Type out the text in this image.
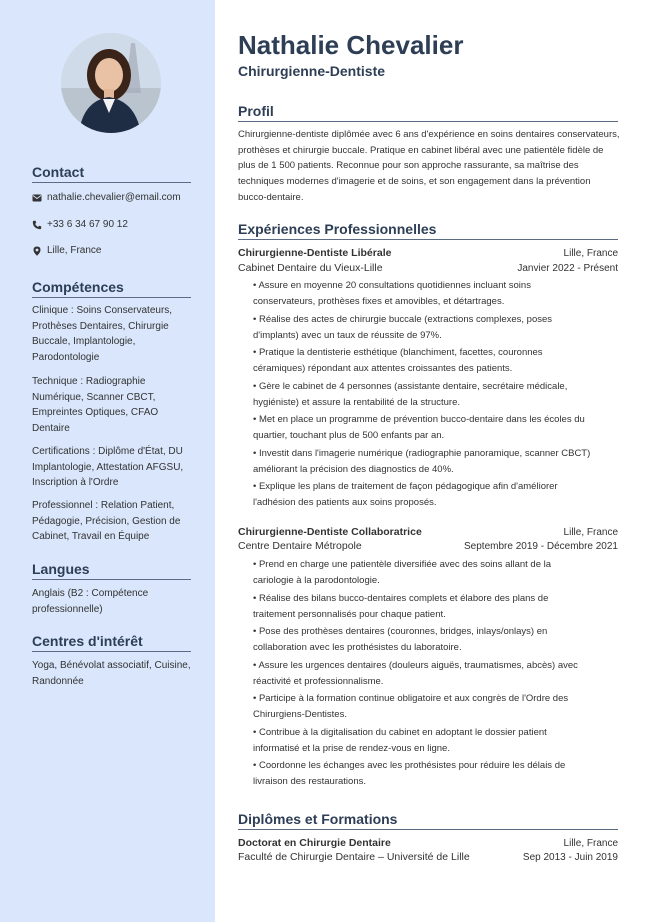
Contact
nathalie.chevalier@email.com
+33 6 34 67 90 12
Lille, France
Compétences
Clinique : Soins Conservateurs, Prothèses Dentaires, Chirurgie Buccale, Implantologie, Parodontologie
Technique : Radiographie Numérique, Scanner CBCT, Empreintes Optiques, CFAO Dentaire
Certifications : Diplôme d'État, DU Implantologie, Attestation AFGSU, Inscription à l'Ordre
Professionnel : Relation Patient, Pédagogie, Précision, Gestion de Cabinet, Travail en Équipe
Langues
Anglais (B2 : Compétence professionnelle)
Centres d'intérêt
Yoga, Bénévolat associatif, Cuisine, Randonnée
Nathalie Chevalier
Chirurgienne-Dentiste
Profil
Chirurgienne-dentiste diplômée avec 6 ans d'expérience en soins dentaires conservateurs, prothèses et chirurgie buccale. Pratique en cabinet libéral avec une patientèle fidèle de plus de 1 500 patients. Reconnue pour son approche rassurante, sa maîtrise des techniques modernes d'imagerie et de soins, et son engagement dans la prévention bucco-dentaire.
Expériences Professionnelles
Chirurgienne-Dentiste Libérale	Lille, France
Cabinet Dentaire du Vieux-Lille	Janvier 2022 - Présent
• Assure en moyenne 20 consultations quotidiennes incluant soins conservateurs, prothèses fixes et amovibles, et détartrages.
• Réalise des actes de chirurgie buccale (extractions complexes, poses d'implants) avec un taux de réussite de 97%.
• Pratique la dentisterie esthétique (blanchiment, facettes, couronnes céramiques) répondant aux attentes croissantes des patients.
• Gère le cabinet de 4 personnes (assistante dentaire, secrétaire médicale, hygiéniste) et assure la rentabilité de la structure.
• Met en place un programme de prévention bucco-dentaire dans les écoles du quartier, touchant plus de 500 enfants par an.
• Investit dans l'imagerie numérique (radiographie panoramique, scanner CBCT) améliorant la précision des diagnostics de 40%.
• Explique les plans de traitement de façon pédagogique afin d'améliorer l'adhésion des patients aux soins proposés.
Chirurgienne-Dentiste Collaboratrice	Lille, France
Centre Dentaire Métropole	Septembre 2019 - Décembre 2021
• Prend en charge une patientèle diversifiée avec des soins allant de la cariologie à la parodontologie.
• Réalise des bilans bucco-dentaires complets et élabore des plans de traitement personnalisés pour chaque patient.
• Pose des prothèses dentaires (couronnes, bridges, inlays/onlays) en collaboration avec les prothésistes du laboratoire.
• Assure les urgences dentaires (douleurs aiguës, traumatismes, abcès) avec réactivité et professionnalisme.
• Participe à la formation continue obligatoire et aux congrès de l'Ordre des Chirurgiens-Dentistes.
• Contribue à la digitalisation du cabinet en adoptant le dossier patient informatisé et la prise de rendez-vous en ligne.
• Coordonne les échanges avec les prothésistes pour réduire les délais de livraison des restaurations.
Diplômes et Formations
Doctorat en Chirurgie Dentaire	Lille, France
Faculté de Chirurgie Dentaire – Université de Lille	Sep 2013 - Juin 2019
